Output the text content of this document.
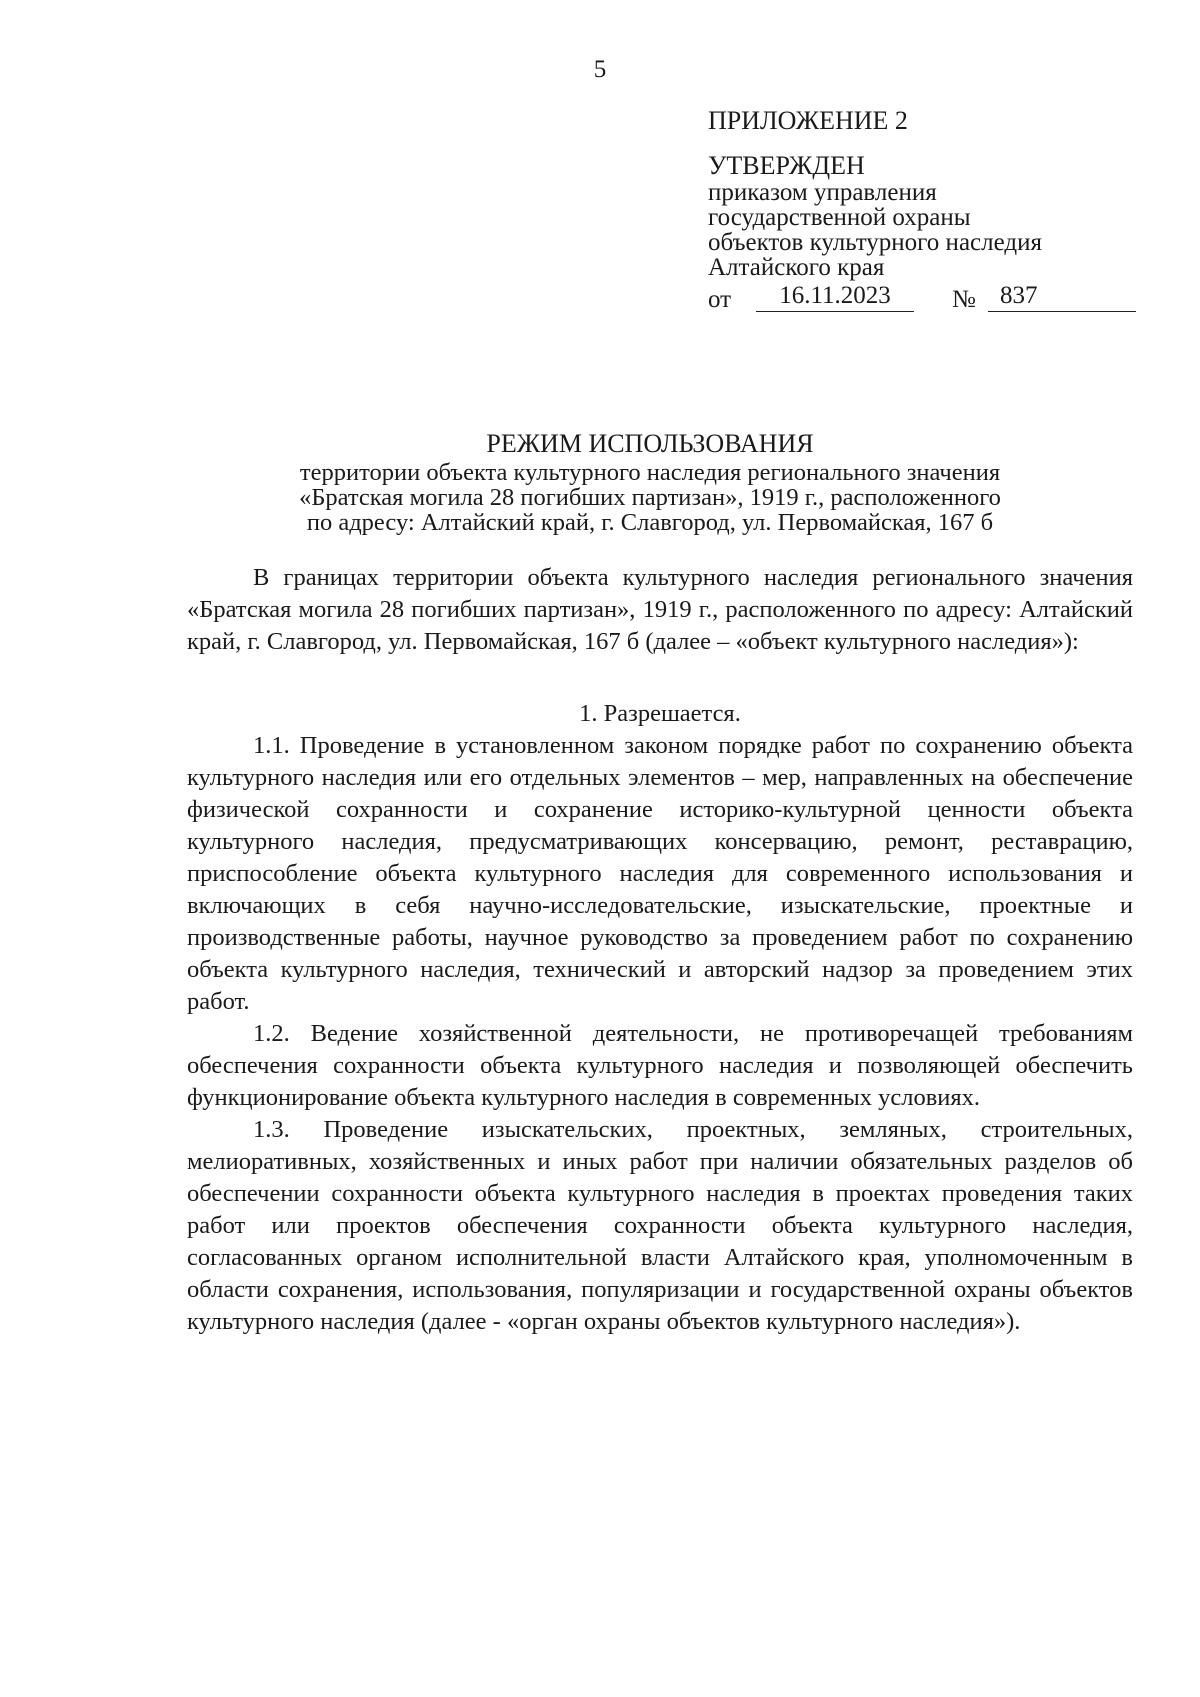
5

ПРИЛОЖЕНИЕ 2

УТВЕРЖДЕН

приказом управления

государственной охраны

объектов культурного наследия

Алтайского края

от	16.11.2023	№ 837
РЕЖИМ ИСПОЛЬЗОВАНИЯ
территории объекта культурного наследия регионального значения
«Братская могила 28 погибших партизан», 1919 г., расположенного
по адресу: Алтайский край, г. Славгород, ул. Первомайская, 167 б

В границах территории объекта культурного наследия регионального значения «Братская могила 28 погибших партизан», 1919 г., расположенного по адресу: Алтайский край, г. Славгород, ул. Первомайская, 167 б (далее – «объект культурного наследия»):

1. Разрешается.

1.1. Проведение в установленном законом порядке работ по сохранению объекта культурного наследия или его отдельных элементов – мер, направленных на обеспечение физической сохранности и сохранение историко-культурной ценности объекта культурного наследия, предусматривающих консервацию, ремонт, реставрацию, приспособление объекта культурного наследия для современного использования и включающих в себя научно-исследовательские, изыскательские, проектные и производственные работы, научное руководство за проведением работ по сохранению объекта культурного наследия, технический и авторский надзор за проведением этих работ.

1.2. Ведение хозяйственной деятельности, не противоречащей требованиям обеспечения сохранности объекта культурного наследия и позволяющей обеспечить функционирование объекта культурного наследия в современных условиях.

1.3. Проведение изыскательских, проектных, земляных, строительных, мелиоративных, хозяйственных и иных работ при наличии обязательных разделов об обеспечении сохранности объекта культурного наследия в проектах проведения таких работ или проектов обеспечения сохранности объекта культурного наследия, согласованных органом исполнительной власти Алтайского края, уполномоченным в области сохранения, использования, популяризации и государственной охраны объектов культурного наследия (далее - «орган охраны объектов культурного наследия»).
